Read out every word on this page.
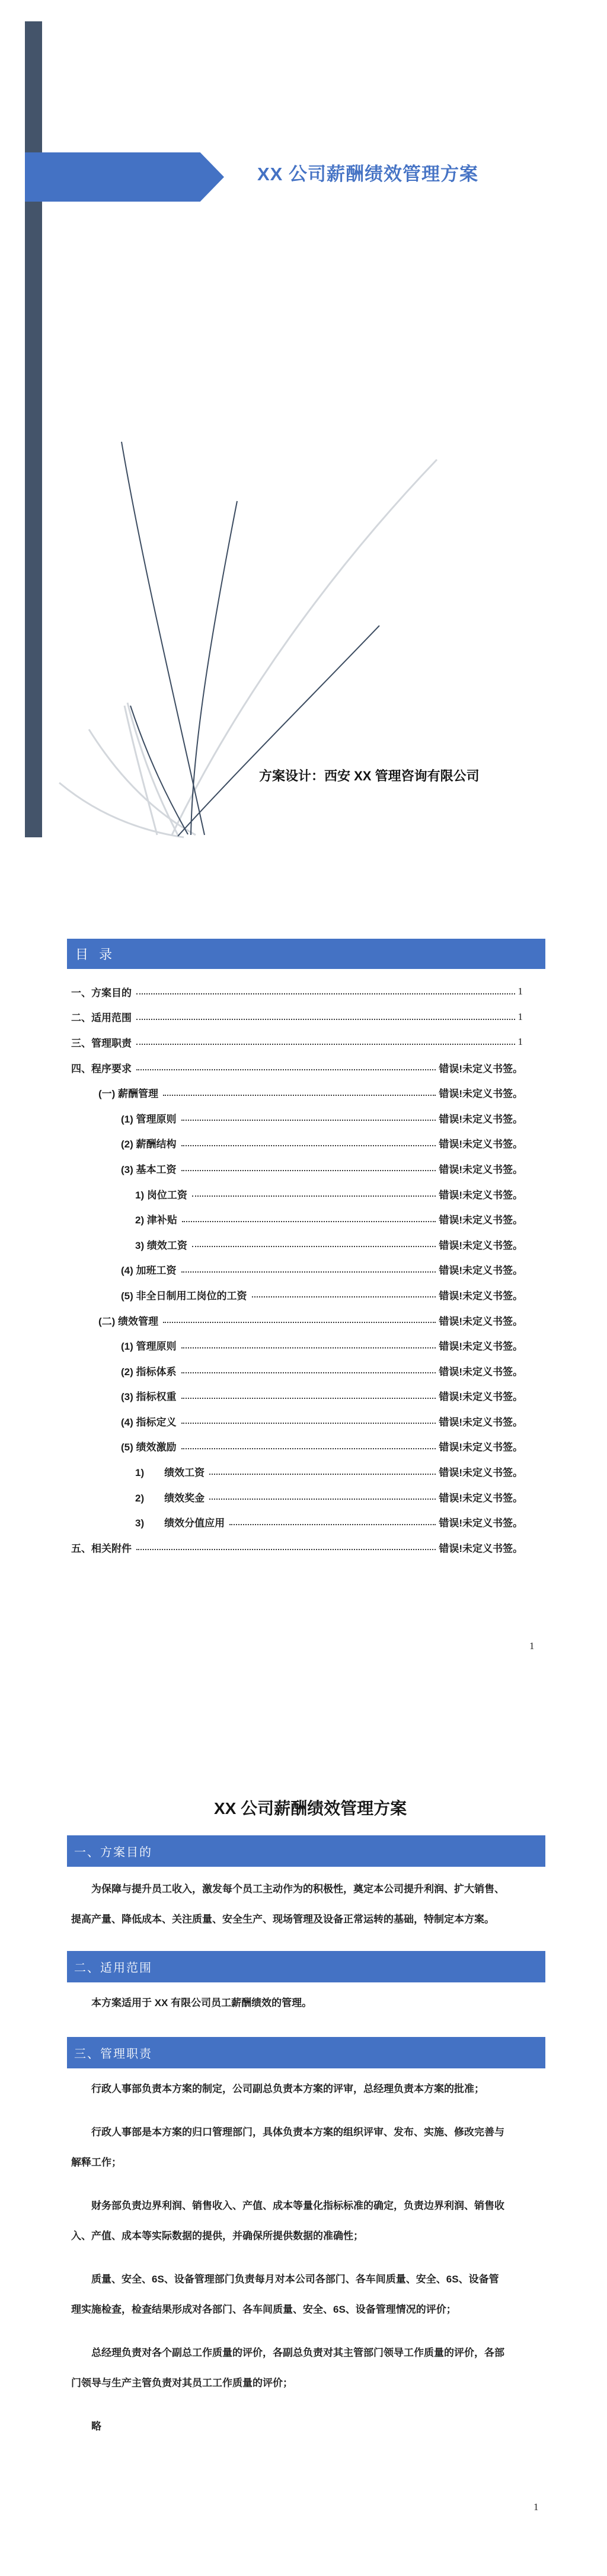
XX 公司薪酬绩效管理方案
方案设计：西安 XX 管理咨询有限公司
目 录
一、方案目的	1
二、适用范围	1
三、管理职责	1
四、程序要求	错误!未定义书签。
(一) 薪酬管理	错误!未定义书签。
(1) 管理原则	错误!未定义书签。
(2) 薪酬结构	错误!未定义书签。
(3) 基本工资	错误!未定义书签。
1) 岗位工资	错误!未定义书签。
2) 津补贴	错误!未定义书签。
3) 绩效工资	错误!未定义书签。
(4) 加班工资	错误!未定义书签。
(5) 非全日制用工岗位的工资	错误!未定义书签。
(二) 绩效管理	错误!未定义书签。
(1) 管理原则	错误!未定义书签。
(2) 指标体系	错误!未定义书签。
(3) 指标权重	错误!未定义书签。
(4) 指标定义	错误!未定义书签。
(5) 绩效激励	错误!未定义书签。
1)　　绩效工资	错误!未定义书签。
2)　　绩效奖金	错误!未定义书签。
3)　　绩效分值应用	错误!未定义书签。
五、相关附件	错误!未定义书签。
1
XX 公司薪酬绩效管理方案
一、方案目的
为保障与提升员工收入，激发每个员工主动作为的积极性，奠定本公司提升利润、扩大销售、
提高产量、降低成本、关注质量、安全生产、现场管理及设备正常运转的基础，特制定本方案。
二、适用范围
本方案适用于 XX 有限公司员工薪酬绩效的管理。
三、管理职责
行政人事部负责本方案的制定，公司副总负责本方案的评审，总经理负责本方案的批准；
行政人事部是本方案的归口管理部门，具体负责本方案的组织评审、发布、实施、修改完善与
解释工作；
财务部负责边界利润、销售收入、产值、成本等量化指标标准的确定，负责边界利润、销售收
入、产值、成本等实际数据的提供，并确保所提供数据的准确性；
质量、安全、6S、设备管理部门负责每月对本公司各部门、各车间质量、安全、6S、设备管
理实施检查，检查结果形成对各部门、各车间质量、安全、6S、设备管理情况的评价；
总经理负责对各个副总工作质量的评价，各副总负责对其主管部门领导工作质量的评价，各部
门领导与生产主管负责对其员工工作质量的评价；
略
1
